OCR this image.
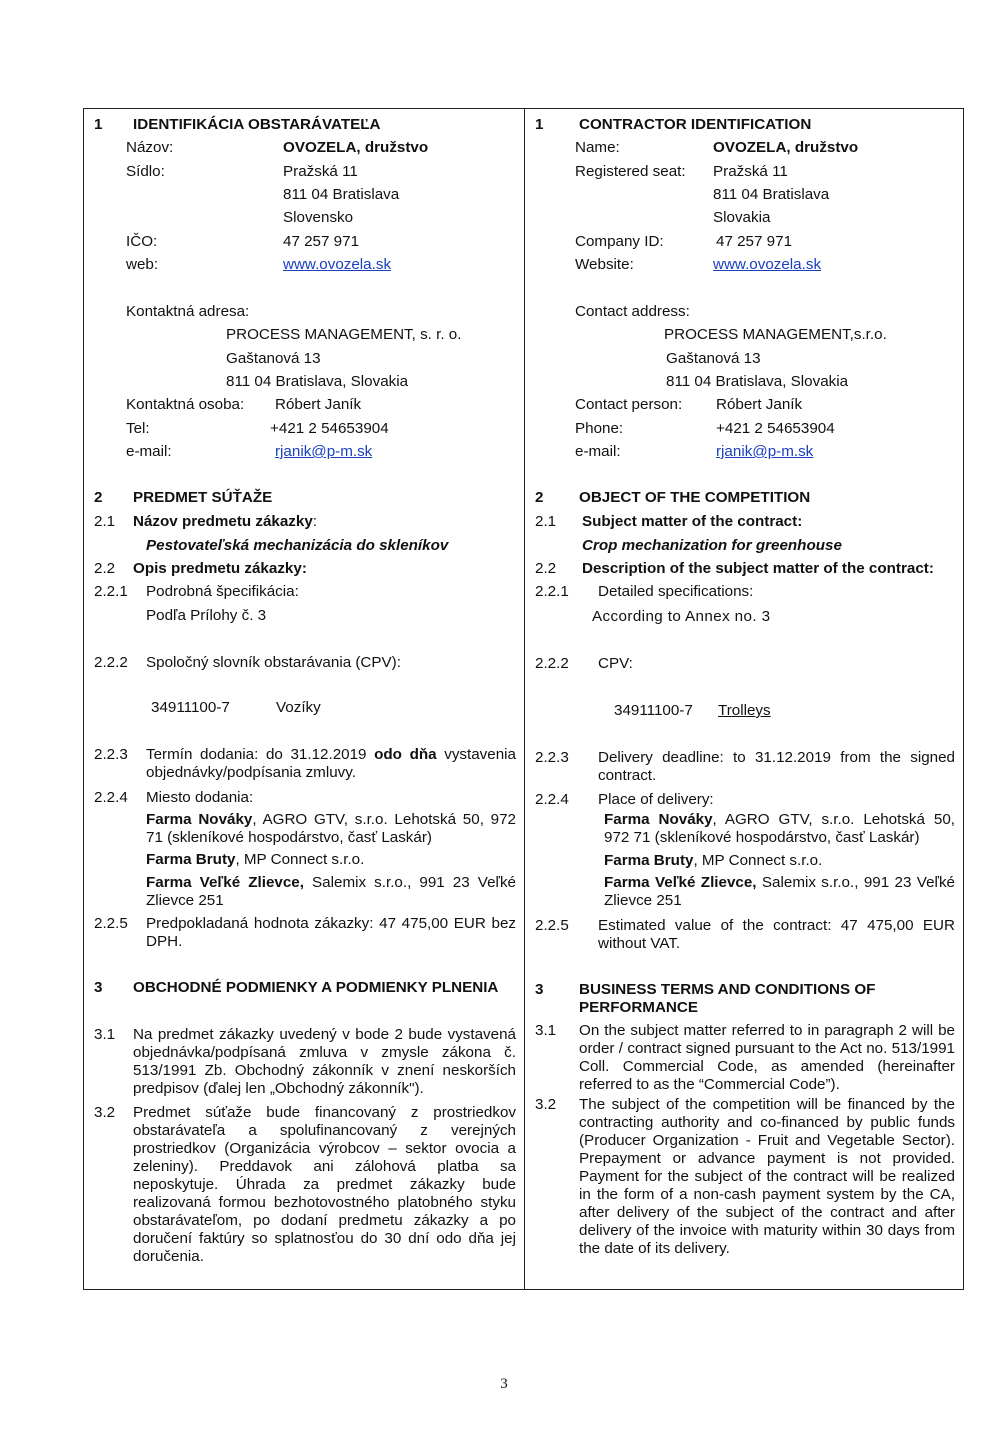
1 IDENTIFIKÁCIA OBSTARÁVATEĽA
Názov:	OVOZELA, družstvo
Sídlo:	Pražská 11
811 04 Bratislava
Slovensko
IČO:	47 257 971
web:	www.ovozela.sk
Kontaktná adresa:
PROCESS MANAGEMENT, s. r. o.
Gaštanová 13
811 04 Bratislava, Slovakia
Kontaktná osoba: Róbert Janík
Tel:	+421 2 54653904
e-mail:	rjanik@p-m.sk
2 PREDMET SÚŤAŽE
2.1 Názov predmetu zákazky:
Pestovateľská mechanizácia do skleníkov
2.2 Opis predmetu zákazky:
2.2.1 Podrobná špecifikácia:
Podľa Prílohy č. 3
2.2.2 Spoločný slovník obstarávania (CPV):
34911100-7	Vozíky
2.2.3 Termín dodania: do 31.12.2019 odo dňa vystavenia objednávky/podpísania zmluvy.
2.2.4 Miesto dodania:
Farma Nováky, AGRO GTV, s.r.o. Lehotská 50, 972 71 (skleníkové hospodárstvo, časť Laskár)
Farma Bruty, MP Connect s.r.o.
Farma Veľké Zlievce, Salemix s.r.o., 991 23 Veľké Zlievce 251
2.2.5 Predpokladaná hodnota zákazky: 47 475,00 EUR bez DPH.
3 OBCHODNÉ PODMIENKY A PODMIENKY PLNENIA
3.1 Na predmet zákazky uvedený v bode 2 bude vystavená objednávka/podpísaná zmluva v zmysle zákona č. 513/1991 Zb. Obchodný zákonník v znení neskorších predpisov (ďalej len „Obchodný zákonník").
3.2 Predmet súťaže bude financovaný z prostriedkov obstarávateľa a spolufinancovaný z verejných prostriedkov (Organizácia výrobcov – sektor ovocia a zeleniny). Preddavok ani zálohová platba sa neposkytuje. Úhrada za predmet zákazky bude realizovaná formou bezhotovostného platobného styku obstarávateľom, po dodaní predmetu zákazky a po doručení faktúry so splatnosťou do 30 dní odo dňa jej doručenia.
1 CONTRACTOR IDENTIFICATION
Name:	OVOZELA, družstvo
Registered seat: Pražská 11
811 04 Bratislava
Slovakia
Company ID:	47 257 971
Website:	www.ovozela.sk
Contact address:
PROCESS MANAGEMENT,s.r.o.
Gaštanová 13
811 04 Bratislava, Slovakia
Contact person: Róbert Janík
Phone:	+421 2 54653904
e-mail:	rjanik@p-m.sk
2 OBJECT OF THE COMPETITION
2.1 Subject matter of the contract:
Crop mechanization for greenhouse
2.2 Description of the subject matter of the contract:
2.2.1 Detailed specifications:
According to Annex no. 3
2.2.2 CPV:
34911100-7 Trolleys
2.2.3 Delivery deadline: to 31.12.2019 from the signed contract.
2.2.4 Place of delivery:
Farma Nováky, AGRO GTV, s.r.o. Lehotská 50, 972 71 (skleníkové hospodárstvo, časť Laskár)
Farma Bruty, MP Connect s.r.o.
Farma Veľké Zlievce, Salemix s.r.o., 991 23 Veľké Zlievce 251
2.2.5 Estimated value of the contract: 47 475,00 EUR without VAT.
3 BUSINESS TERMS AND CONDITIONS OF PERFORMANCE
3.1 On the subject matter referred to in paragraph 2 will be order / contract signed pursuant to the Act no. 513/1991 Coll. Commercial Code, as amended (hereinafter referred to as the “Commercial Code”).
3.2 The subject of the competition will be financed by the contracting authority and co-financed by public funds (Producer Organization - Fruit and Vegetable Sector). Prepayment or advance payment is not provided. Payment for the subject of the contract will be realized in the form of a non-cash payment system by the CA, after delivery of the subject of the contract and after delivery of the invoice with maturity within 30 days from the date of its delivery.
3
